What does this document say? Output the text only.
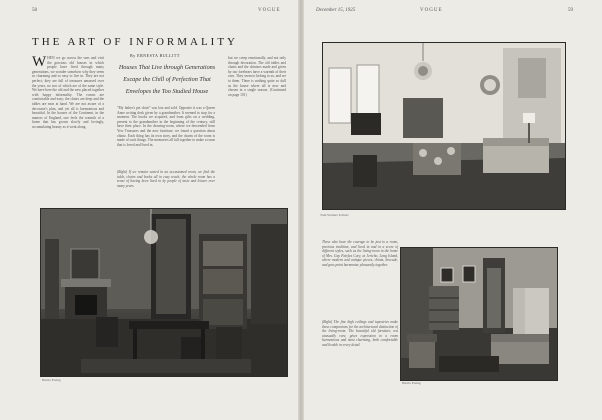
58	VOGUE
THE ART OF INFORMALITY
WHEN we go across the seas and visit the gracious old houses in which people have lived through many generations, we wonder somehow why they seem so charming and so easy to live in. They are not perfect; they are full of treasures amassed over the years, no two of which are of the same style. We have here the old and the new placed together with happy informality. The rooms are comfortable and easy; the chairs are deep and the tables are near at hand. We are not aware of a decorator's plan, and yet all is harmonious and beautiful. In the houses of the Continent, in the manors of England, one feels the warmth of a home that has grown slowly and lovingly, accumulating beauty as it went along.
By ERNESTA BULLITT
Houses That Live through Generations Escape the Chill of Perfection That Envelopes the Too Studied House
"My father's pet chair" was lost and sold. Opposite it was a Queen Anne writing desk given by a grandmother. It seemed to stop for a moment. The books we acquired, and from gifts on a wedding, present to the grandmother in the beginning of the century, still have their place. In the drawing-room, where we descended from Yew Treasures and the new furniture, we found a question about chintz. Each thing has its own story, and the charm of the room is made of such things. The memories all fall together to make a room that is loved and lived in.
(Right) If we remain seated in an accustomed room, we find the table, chairs and books all in easy reach; the whole room has a sense of having been lived in by people of taste and leisure over many years.
but we creep emotionally, and not only through decoration. The old tables and chairs and the chintzes made and given by our forebears have a warmth of their own. They seem to belong to us, and we to them. There is nothing quite so dull as the house where all is new and chosen in a single season. (Continued on page 101)
Harris Ewing
December 15, 1925	VOGUE	59
Tom Walters Tolbert
These also have the courage to be just to a room, precious tradition, and lived in and in a score of different styles, such as the living-room in the home of Mrs. Guy Fairfax Cary, at Jericho, Long Island, where modern and antique pieces, chintz, brocade, and gros point harmonize pleasantly together.
(Right) The fine high ceilings and tapestries make these companions for the architectural distinction of the living-room. The beautiful old furniture, not unusually rare, gives expression to a room harmonious and most charming, both comfortable and livable in every detail.
Harris Ewing
